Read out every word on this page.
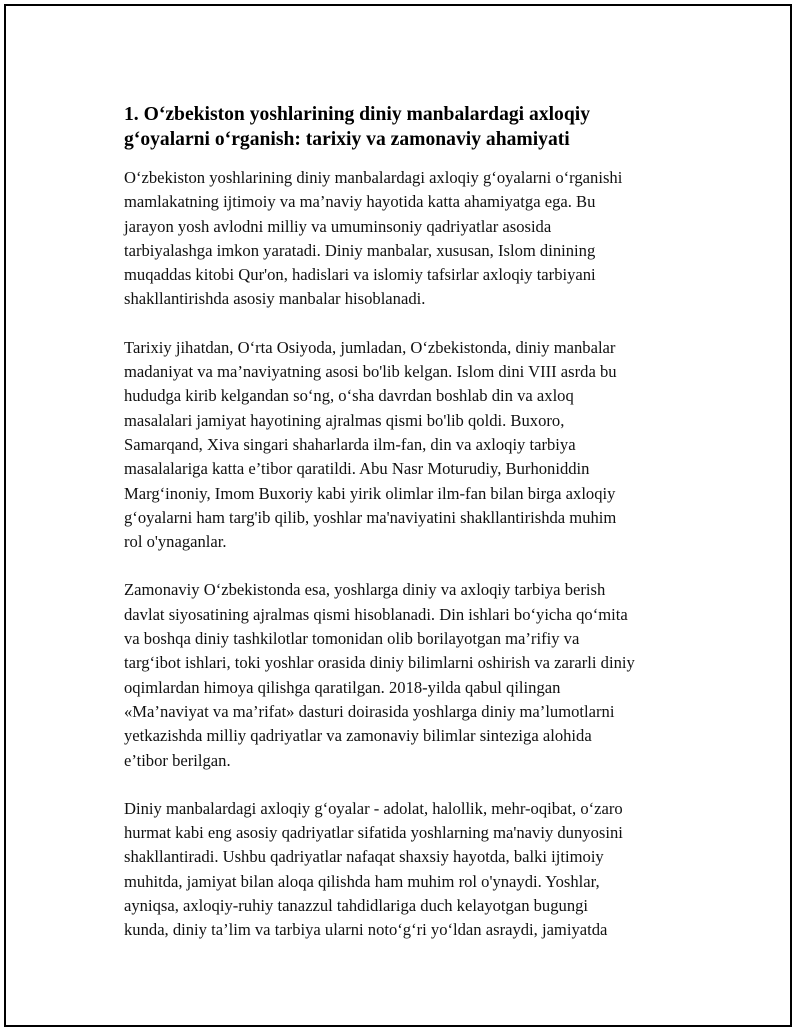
1. O‘zbekiston yoshlarining diniy manbalardagi axloqiy
g‘oyalarni o‘rganish: tarixiy va zamonaviy ahamiyati

O‘zbekiston yoshlarining diniy manbalardagi axloqiy g‘oyalarni o‘rganishi
mamlakatning ijtimoiy va ma’naviy hayotida katta ahamiyatga ega. Bu
jarayon yosh avlodni milliy va umuminsoniy qadriyatlar asosida
tarbiyalashga imkon yaratadi. Diniy manbalar, xususan, Islom dinining
muqaddas kitobi Qur'on, hadislari va islomiy tafsirlar axloqiy tarbiyani
shakllantirishda asosiy manbalar hisoblanadi.

Tarixiy jihatdan, O‘rta Osiyoda, jumladan, O‘zbekistonda, diniy manbalar
madaniyat va ma’naviyatning asosi bo'lib kelgan. Islom dini VIII asrda bu
hududga kirib kelgandan so‘ng, o‘sha davrdan boshlab din va axloq
masalalari jamiyat hayotining ajralmas qismi bo'lib qoldi. Buxoro,
Samarqand, Xiva singari shaharlarda ilm-fan, din va axloqiy tarbiya
masalalariga katta e’tibor qaratildi. Abu Nasr Moturudiy, Burhoniddin
Marg‘inoniy, Imom Buxoriy kabi yirik olimlar ilm-fan bilan birga axloqiy
g‘oyalarni ham targ'ib qilib, yoshlar ma'naviyatini shakllantirishda muhim
rol o'ynaganlar.

Zamonaviy O‘zbekistonda esa, yoshlarga diniy va axloqiy tarbiya berish
davlat siyosatining ajralmas qismi hisoblanadi. Din ishlari bo‘yicha qo‘mita
va boshqa diniy tashkilotlar tomonidan olib borilayotgan ma’rifiy va
targ‘ibot ishlari, toki yoshlar orasida diniy bilimlarni oshirish va zararli diniy
oqimlardan himoya qilishga qaratilgan. 2018-yilda qabul qilingan
«Ma’naviyat va ma’rifat» dasturi doirasida yoshlarga diniy ma’lumotlarni
yetkazishda milliy qadriyatlar va zamonaviy bilimlar sinteziga alohida
e’tibor berilgan.

Diniy manbalardagi axloqiy g‘oyalar - adolat, halollik, mehr-oqibat, o‘zaro
hurmat kabi eng asosiy qadriyatlar sifatida yoshlarning ma'naviy dunyosini
shakllantiradi. Ushbu qadriyatlar nafaqat shaxsiy hayotda, balki ijtimoiy
muhitda, jamiyat bilan aloqa qilishda ham muhim rol o'ynaydi. Yoshlar,
ayniqsa, axloqiy-ruhiy tanazzul tahdidlariga duch kelayotgan bugungi
kunda, diniy ta’lim va tarbiya ularni noto‘g‘ri yo‘ldan asraydi, jamiyatda
